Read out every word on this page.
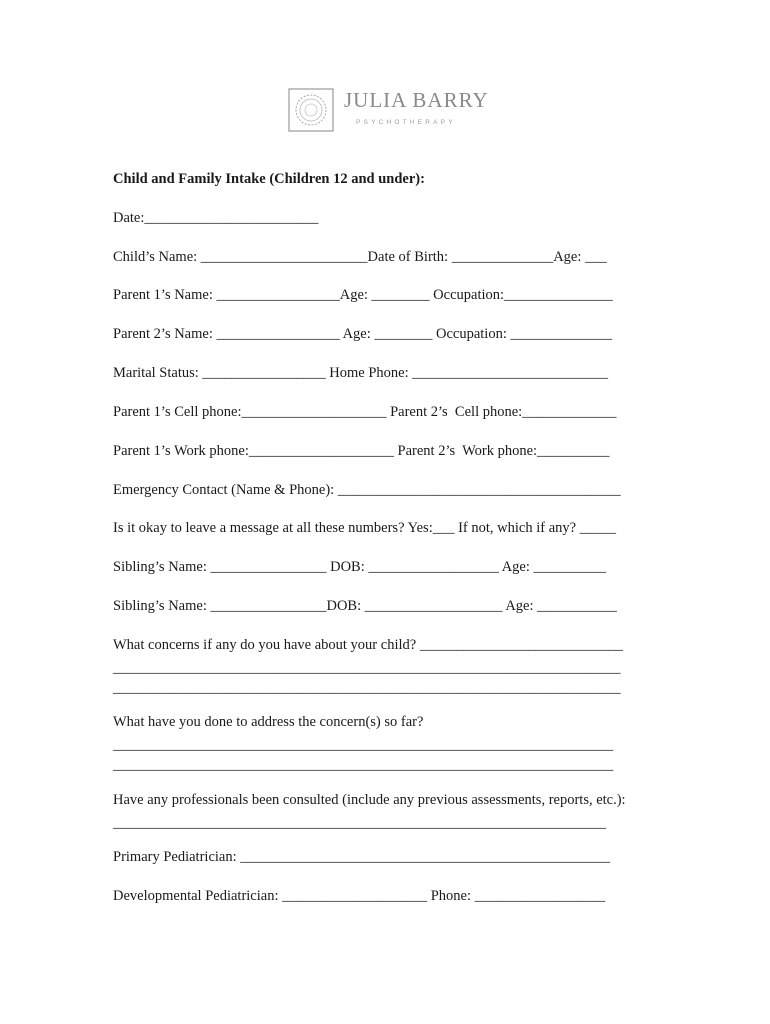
JULIA BARRY
PSYCHOTHERAPY

Child and Family Intake (Children 12 and under):

Date:________________________

Child’s Name: _______________________Date of Birth: ______________Age: ___

Parent 1’s Name: _________________Age: ________ Occupation:_______________

Parent 2’s Name: _________________ Age: ________ Occupation: ______________

Marital Status: _________________ Home Phone: ___________________________

Parent 1’s Cell phone:____________________ Parent 2’s  Cell phone:_____________

Parent 1’s Work phone:____________________ Parent 2’s  Work phone:__________

Emergency Contact (Name & Phone): _______________________________________

Is it okay to leave a message at all these numbers? Yes:___ If not, which if any? _____

Sibling’s Name: ________________ DOB: __________________ Age: __________

Sibling’s Name: ________________DOB: ___________________ Age: ___________

What concerns if any do you have about your child? ____________________________

______________________________________________________________________

______________________________________________________________________

What have you done to address the concern(s) so far?

_____________________________________________________________________

_____________________________________________________________________

Have any professionals been consulted (include any previous assessments, reports, etc.):

____________________________________________________________________

Primary Pediatrician: ___________________________________________________

Developmental Pediatrician: ____________________ Phone: __________________
